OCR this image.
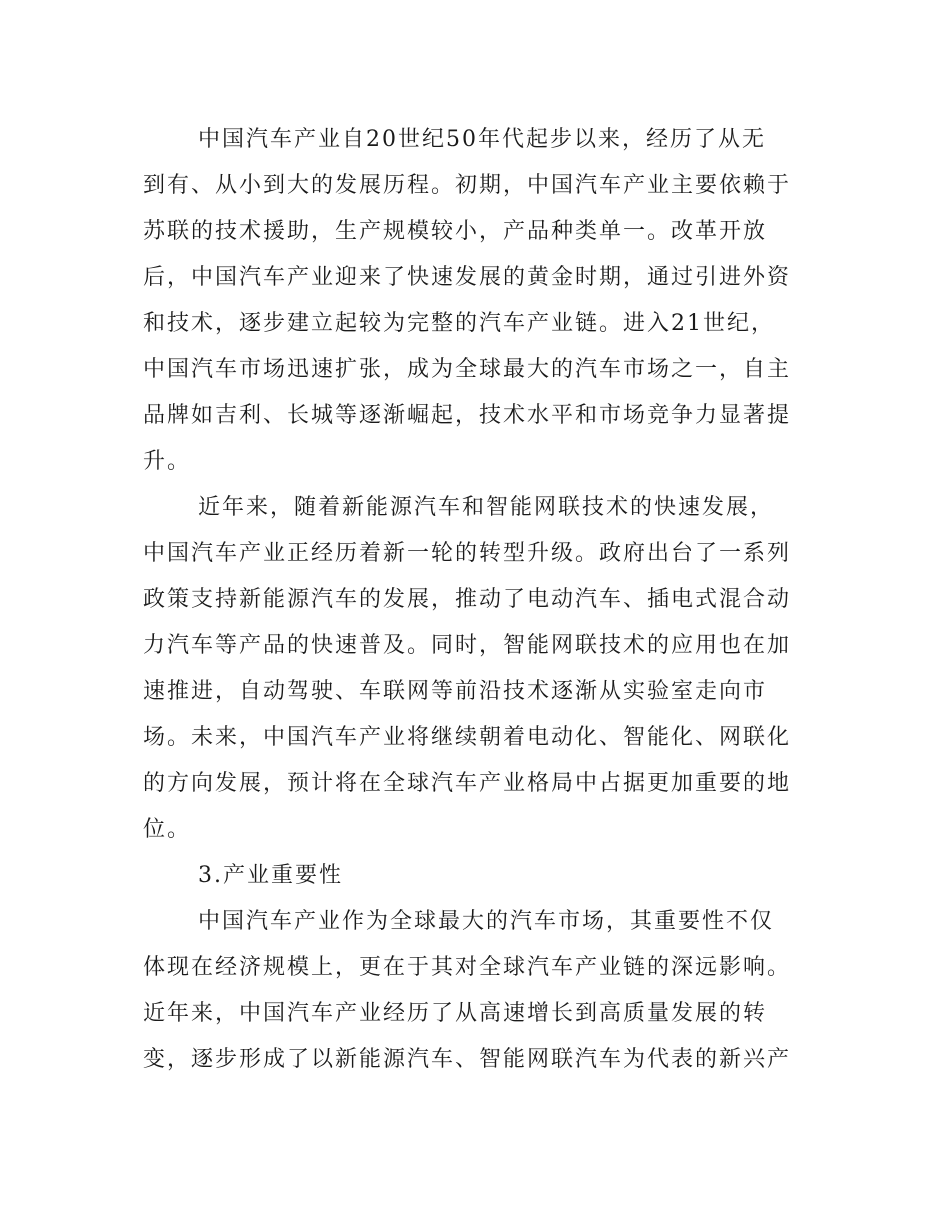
中国汽车产业自20世纪50年代起步以来，经历了从无
到有、从小到大的发展历程。初期，中国汽车产业主要依赖于
苏联的技术援助，生产规模较小，产品种类单一。改革开放
后，中国汽车产业迎来了快速发展的黄金时期，通过引进外资
和技术，逐步建立起较为完整的汽车产业链。进入21世纪，
中国汽车市场迅速扩张，成为全球最大的汽车市场之一，自主
品牌如吉利、长城等逐渐崛起，技术水平和市场竞争力显著提
升。
近年来，随着新能源汽车和智能网联技术的快速发展，
中国汽车产业正经历着新一轮的转型升级。政府出台了一系列
政策支持新能源汽车的发展，推动了电动汽车、插电式混合动
力汽车等产品的快速普及。同时，智能网联技术的应用也在加
速推进，自动驾驶、车联网等前沿技术逐渐从实验室走向市
场。未来，中国汽车产业将继续朝着电动化、智能化、网联化
的方向发展，预计将在全球汽车产业格局中占据更加重要的地
位。
3.产业重要性
中国汽车产业作为全球最大的汽车市场，其重要性不仅
体现在经济规模上，更在于其对全球汽车产业链的深远影响。
近年来，中国汽车产业经历了从高速增长到高质量发展的转
变，逐步形成了以新能源汽车、智能网联汽车为代表的新兴产
